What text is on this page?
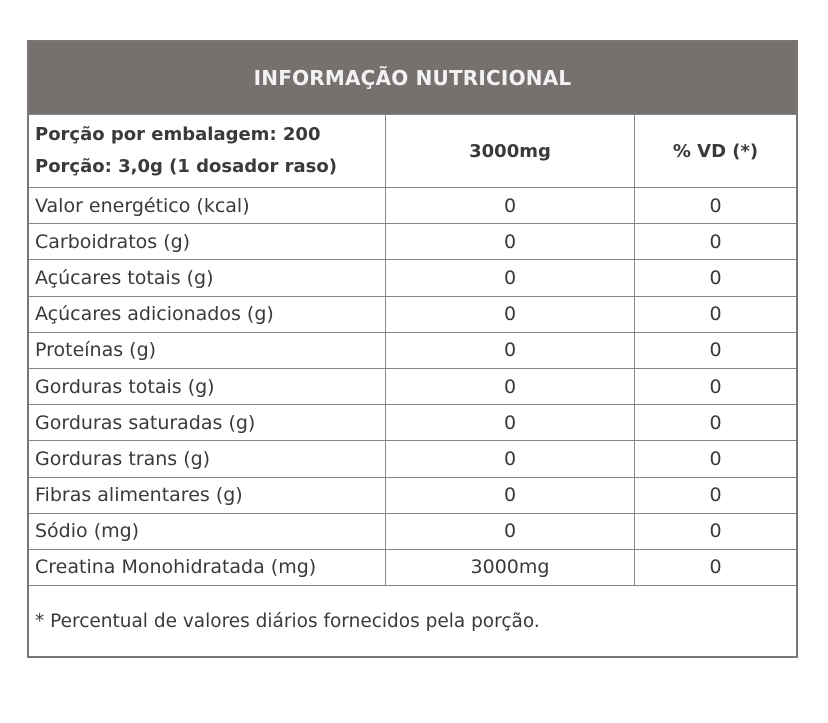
INFORMAÇÃO NUTRICIONAL
Porção por embalagem: 200
Porção: 3,0g (1 dosador raso)
3000mg	% VD (*)
Valor energético (kcal)	0	0
Carboidratos (g)	0	0
Açúcares totais (g)	0	0
Açúcares adicionados (g)	0	0
Proteínas (g)	0	0
Gorduras totais (g)	0	0
Gorduras saturadas (g)	0	0
Gorduras trans (g)	0	0
Fibras alimentares (g)	0	0
Sódio (mg)	0	0
Creatina Monohidratada (mg)	3000mg	0
* Percentual de valores diários fornecidos pela porção.
